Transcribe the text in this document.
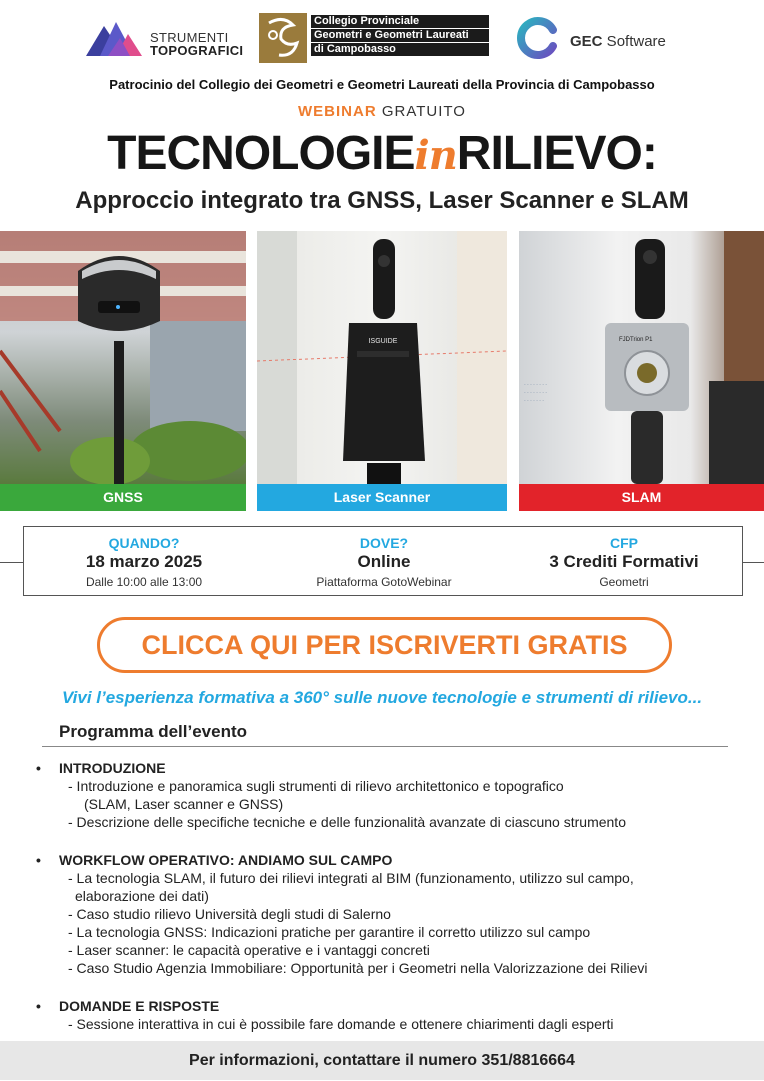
STRUMENTI
TOPOGRAFICI
Collegio Provinciale
Geometri e Geometri Laureati
di Campobasso	GEC Software
Patrocinio del Collegio dei Geometri e Geometri Laureati della Provincia di Campobasso
WEBINAR GRATUITO
TECNOLOGIEinRILIEVO:
Approccio integrato tra GNSS, Laser Scanner e SLAM
ISGUIDE
- - - - - - - -
- - - - - - - -
- - - - - - -
FJDTrion P1
GNSS	Laser Scanner	SLAM
QUANDO?
18 marzo 2025
Dalle 10:00 alle 13:00
DOVE?
Online
Piattaforma GotoWebinar
CFP
3 Crediti Formativi
Geometri
CLICCA QUI PER ISCRIVERTI GRATIS
Vivi l’esperienza formativa a 360° sulle nuove tecnologie e strumenti di rilievo...
Programma dell’evento
• INTRODUZIONE
- Introduzione e panoramica sugli strumenti di rilievo architettonico e topografico
(SLAM, Laser scanner e GNSS)
- Descrizione delle specifiche tecniche e delle funzionalità avanzate di ciascuno strumento
• WORKFLOW OPERATIVO: ANDIAMO SUL CAMPO
- La tecnologia SLAM, il futuro dei rilievi integrati al BIM (funzionamento, utilizzo sul campo,
elaborazione dei dati)
- Caso studio rilievo Università degli studi di Salerno
- La tecnologia GNSS: Indicazioni pratiche per garantire il corretto utilizzo sul campo
- Laser scanner: le capacità operative e i vantaggi concreti
- Caso Studio Agenzia Immobiliare: Opportunità per i Geometri nella Valorizzazione dei Rilievi
• DOMANDE E RISPOSTE
- Sessione interattiva in cui è possibile fare domande e ottenere chiarimenti dagli esperti
Per informazioni, contattare il numero 351/8816664
